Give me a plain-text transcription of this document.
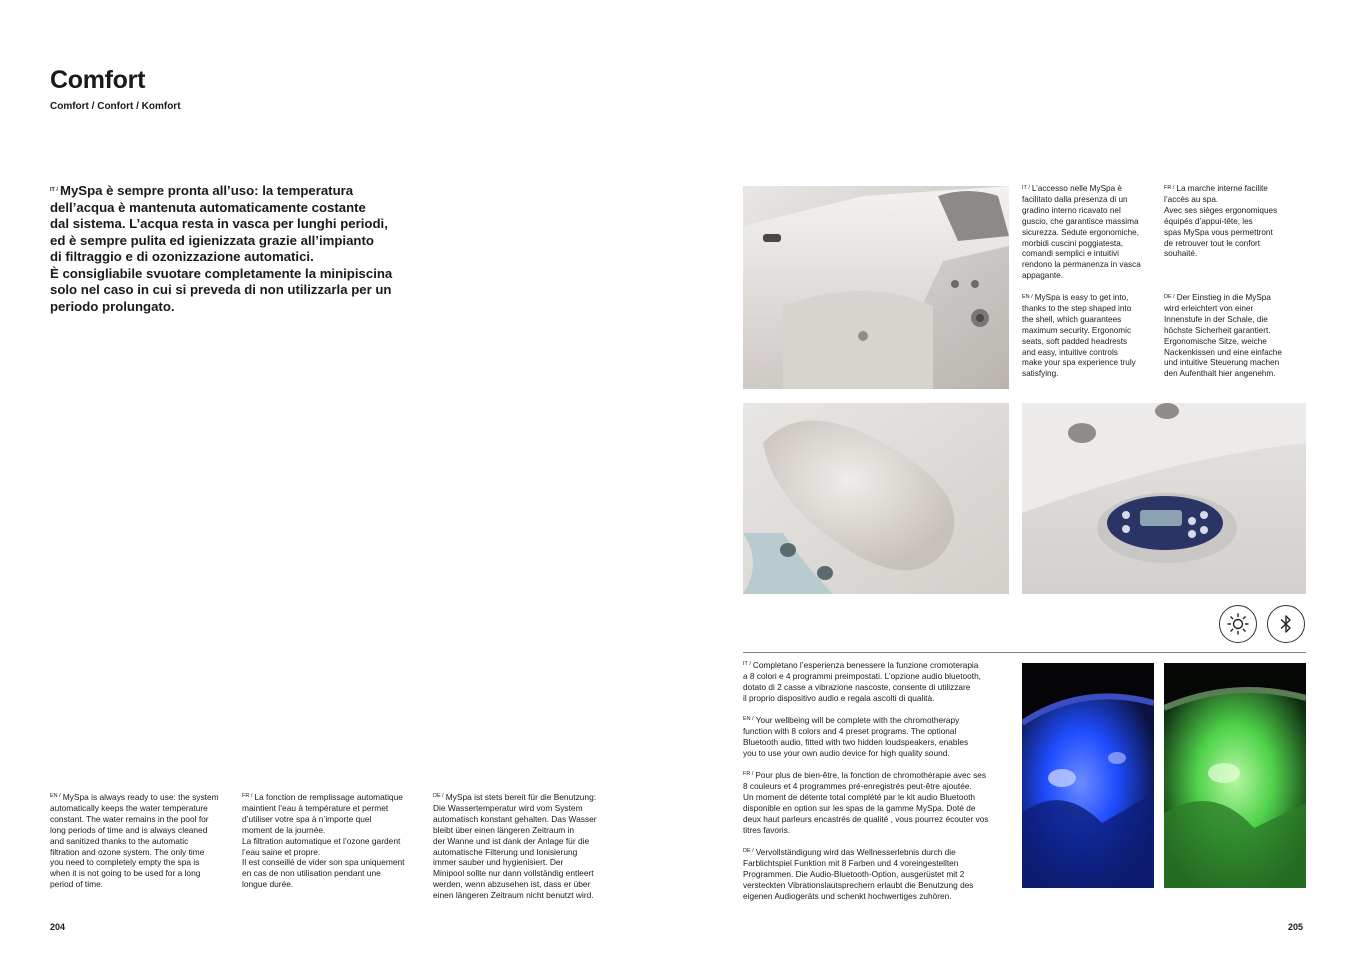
Comfort
Comfort / Confort / Komfort
$^{IT /}$ MySpa è sempre pronta all’uso: la temperatura
dell’acqua è mantenuta automaticamente costante
dal sistema. L’acqua resta in vasca per lunghi periodi,
ed è sempre pulita ed igienizzata grazie all’impianto
di filtraggio e di ozonizzazione automatici.
È consigliabile svuotare completamente la minipiscina
solo nel caso in cui si preveda di non utilizzarla per un
periodo prolungato.
$^{EN /}$ MySpa is always ready to use: the system
automatically keeps the water temperature
constant. The water remains in the pool for
long periods of time and is always cleaned
and sanitized thanks to the automatic
filtration and ozone system. The only time
you need to completely empty the spa is
when it is not going to be used for a long
period of time.
$^{FR /}$ La fonction de remplissage automatique
maintient l’eau à température et permet
d’utiliser votre spa à n’importe quel
moment de la journée.
La filtration automatique et l’ozone gardent
l’eau saine et propre.
Il est conseillé de vider son spa uniquement
en cas de non utilisation pendant une
longue durée.
$^{DE /}$ MySpa ist stets bereit für die Benutzung:
Die Wassertemperatur wird vom System
automatisch konstant gehalten. Das Wasser
bleibt über einen längeren Zeitraum in
der Wanne und ist dank der Anlage für die
automatische Filterung und Ionisierung
immer sauber und hygienisiert. Der
Minipool sollte nur dann vollständig entleert
werden, wenn abzusehen ist, dass er über
einen längeren Zeitraum nicht benutzt wird.
204
$^{IT /}$ L’accesso nelle MySpa è
facilitato dalla presenza di un
gradino interno ricavato nel
guscio, che garantisce massima
sicurezza. Sedute ergonomiche,
morbidi cuscini poggiatesta,
comandi semplici e intuitivi
rendono la permanenza in vasca
appagante.
$^{FR /}$ La marche interne facilite
l’accès au spa.
Avec ses sièges ergonomiques
équipés d’appui-tête, les
spas MySpa vous permettront
de retrouver tout le confort
souhaité.
$^{EN /}$ MySpa is easy to get into,
thanks to the step shaped into
the shell, which guarantees
maximum security. Ergonomic
seats, soft padded headrests
and easy, intuitive controls
make your spa experience truly
satisfying.
$^{DE /}$ Der Einstieg in die MySpa
wird erleichtert von einer
Innenstufe in der Schale, die
höchste Sicherheit garantiert.
Ergonomische Sitze, weiche
Nackenkissen und eine einfache
und intuitive Steuerung machen
den Aufenthalt hier angenehm.
$^{IT /}$ Completano l’esperienza benessere la funzione cromoterapia
a 8 colori e 4 programmi preimpostati. L’opzione audio bluetooth,
dotato di 2 casse a vibrazione nascoste, consente di utilizzare
il proprio dispositivo audio e regala ascolti di qualità.
$^{EN /}$ Your wellbeing will be complete with the chromotherapy
function with 8 colors and 4 preset programs. The optional
Bluetooth audio, fitted with two hidden loudspeakers, enables
you to use your own audio device for high quality sound.
$^{FR /}$ Pour plus de bien-être, la fonction de chromothérapie avec ses
8 couleurs et 4 programmes pré-enregistrés peut-être ajoutée.
Un moment de détente total complété par le kit audio Bluetooth
disponible en option sur les spas de la gamme MySpa. Doté de
deux haut parleurs encastrés de qualité , vous pourrez écouter vos
titres favoris.
$^{DE /}$ Vervollständigung wird das Wellnesserlebnis durch die
Farblichtspiel Funktion mit 8 Farben und 4 voreingestellten
Programmen. Die Audio-Bluetooth-Option, ausgerüstet mit 2
versteckten Vibrationslautsprechern erlaubt die Benutzung des
eigenen Audiogeräts und schenkt hochwertiges zuhören.
205
